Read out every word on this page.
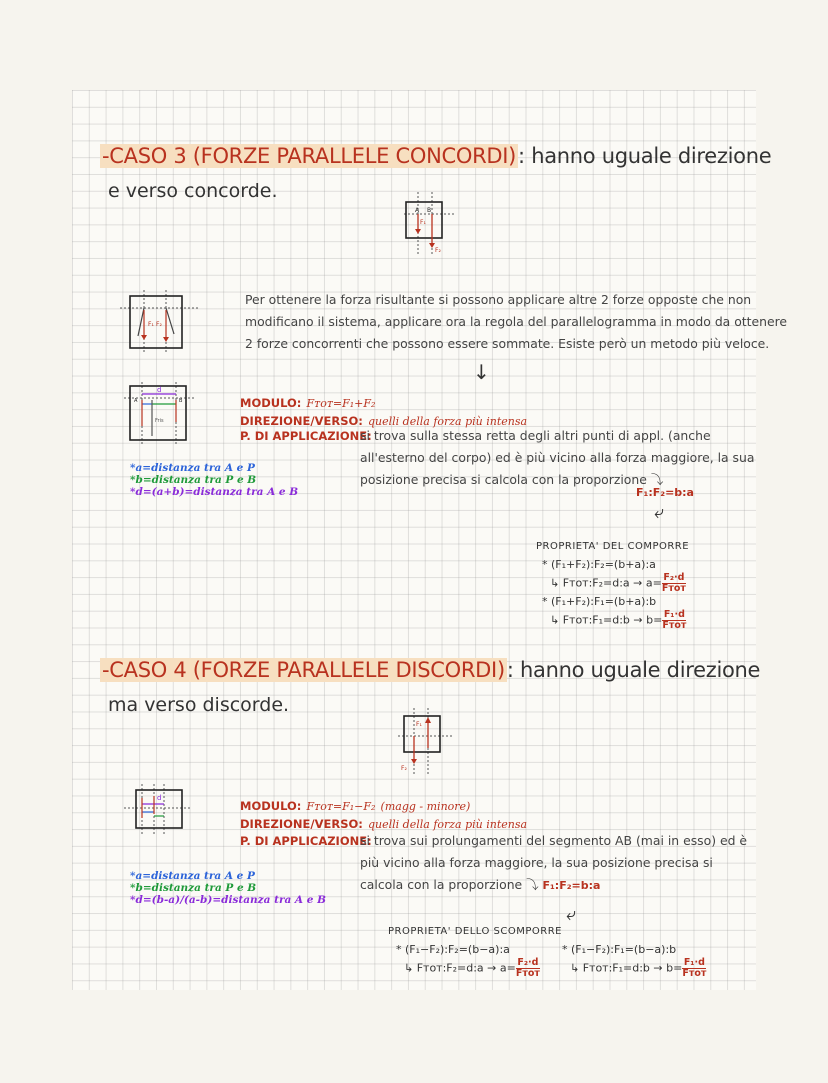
-CASO 3 (FORZE PARALLELE CONCORDI): hanno uguale direzione
e verso concorde.
A B
F₁
F₂
F₁ F₂
d
A	B
Fris
Per ottenere la forza risultante si possono applicare altre 2 forze opposte che non
modificano il sistema, applicare ora la regola del parallelogramma in modo da ottenere
2 forze concorrenti che possono essere sommate. Esiste però un metodo più veloce.
↓
MODULO: Fᴛᴏᴛ=F₁+F₂
DIREZIONE/VERSO: quelli della forza più intensa
P. DI APPLICAZIONE:
si trova sulla stessa retta degli altri punti di appl. (anche
all'esterno del corpo) ed è più vicino alla forza maggiore, la sua
posizione precisa si calcola con la proporzione ⤵
F₁:F₂=b:a
⤶
*a=distanza tra A e P
*b=distanza tra P e B
*d=(a+b)=distanza tra A e B
PROPRIETA' DEL COMPORRE
* (F₁+F₂):F₂=(b+a):a
↳ Fᴛᴏᴛ:F₂=d:a → $a= \frac{\text{F₂·d}}{\text{Fᴛᴏᴛ}}$
* (F₁+F₂):F₁=(b+a):b
↳ Fᴛᴏᴛ:F₁=d:b → $b= \frac{\text{F₁·d}}{\text{Fᴛᴏᴛ}}$
-CASO 4 (FORZE PARALLELE DISCORDI): hanno uguale direzione
ma verso discorde.
F₁
F₂
d
MODULO: Fᴛᴏᴛ=F₁−F₂ (magg - minore)
DIREZIONE/VERSO: quelli della forza più intensa
P. DI APPLICAZIONE:
si trova sui prolungamenti del segmento AB (mai in esso) ed è
più vicino alla forza maggiore, la sua posizione precisa si
calcola con la proporzione ⤵ F₁:F₂=b:a
⤶
*a=distanza tra A e P
*b=distanza tra P e B
*d=(b-a)/(a-b)=distanza tra A e B
PROPRIETA' DELLO SCOMPORRE
* (F₁−F₂):F₂=(b−a):a
↳ Fᴛᴏᴛ:F₂=d:a → $a= \frac{\text{F₂·d}}{\text{Fᴛᴏᴛ}}$
* (F₁−F₂):F₁=(b−a):b
↳ Fᴛᴏᴛ:F₁=d:b → $b= \frac{\text{F₁·d}}{\text{Fᴛᴏᴛ}}$
